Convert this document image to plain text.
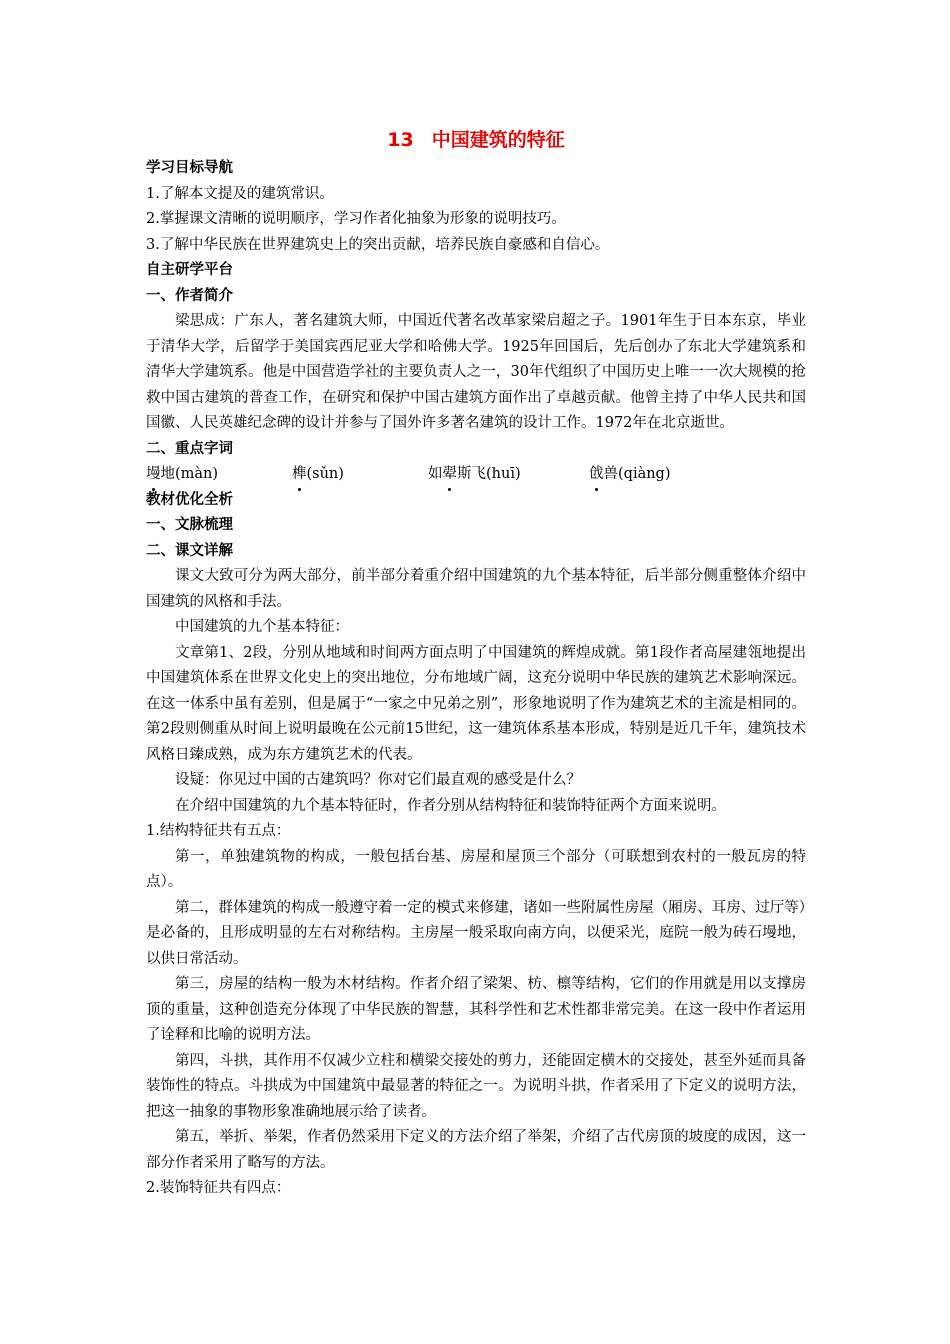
13 中国建筑的特征

学习目标导航

1.了解本文提及的建筑常识。

2.掌握课文清晰的说明顺序，学习作者化抽象为形象的说明技巧。

3.了解中华民族在世界建筑史上的突出贡献，培养民族自豪感和自信心。

自主研学平台

一、作者简介

梁思成：广东人，著名建筑大师，中国近代著名改革家梁启超之子。1901年生于日本东京，毕业于清华大学，后留学于美国宾西尼亚大学和哈佛大学。1925年回国后，先后创办了东北大学建筑系和清华大学建筑系。他是中国营造学社的主要负责人之一，30年代组织了中国历史上唯一一次大规模的抢救中国古建筑的普查工作，在研究和保护中国古建筑方面作出了卓越贡献。他曾主持了中华人民共和国国徽、人民英雄纪念碑的设计并参与了国外许多著名建筑的设计工作。1972年在北京逝世。

二、重点字词

墁地(màn)	榫(sǔn)	如翚斯飞(huī)	戗兽(qiàng)

教材优化全析

一、文脉梳理

二、课文详解

课文大致可分为两大部分，前半部分着重介绍中国建筑的九个基本特征，后半部分侧重整体介绍中国建筑的风格和手法。

中国建筑的九个基本特征：

文章第1、2段，分别从地域和时间两方面点明了中国建筑的辉煌成就。第1段作者高屋建瓴地提出中国建筑体系在世界文化史上的突出地位，分布地域广阔，这充分说明中华民族的建筑艺术影响深远。在这一体系中虽有差别，但是属于“一家之中兄弟之别”，形象地说明了作为建筑艺术的主流是相同的。第2段则侧重从时间上说明最晚在公元前15世纪，这一建筑体系基本形成，特别是近几千年，建筑技术风格日臻成熟，成为东方建筑艺术的代表。

设疑：你见过中国的古建筑吗？你对它们最直观的感受是什么？

在介绍中国建筑的九个基本特征时，作者分别从结构特征和装饰特征两个方面来说明。

1.结构特征共有五点：

第一，单独建筑物的构成，一般包括台基、房屋和屋顶三个部分（可联想到农村的一般瓦房的特点）。

第二，群体建筑的构成一般遵守着一定的模式来修建，诸如一些附属性房屋（厢房、耳房、过厅等）是必备的，且形成明显的左右对称结构。主房屋一般采取向南方向，以便采光，庭院一般为砖石墁地，以供日常活动。

第三，房屋的结构一般为木材结构。作者介绍了梁架、枋、檩等结构，它们的作用就是用以支撑房顶的重量，这种创造充分体现了中华民族的智慧，其科学性和艺术性都非常完美。在这一段中作者运用了诠释和比喻的说明方法。

第四，斗拱，其作用不仅减少立柱和横梁交接处的剪力，还能固定横木的交接处，甚至外延而具备装饰性的特点。斗拱成为中国建筑中最显著的特征之一。为说明斗拱，作者采用了下定义的说明方法，把这一抽象的事物形象准确地展示给了读者。

第五，举折、举架，作者仍然采用下定义的方法介绍了举架，介绍了古代房顶的坡度的成因，这一部分作者采用了略写的方法。

2.装饰特征共有四点：
